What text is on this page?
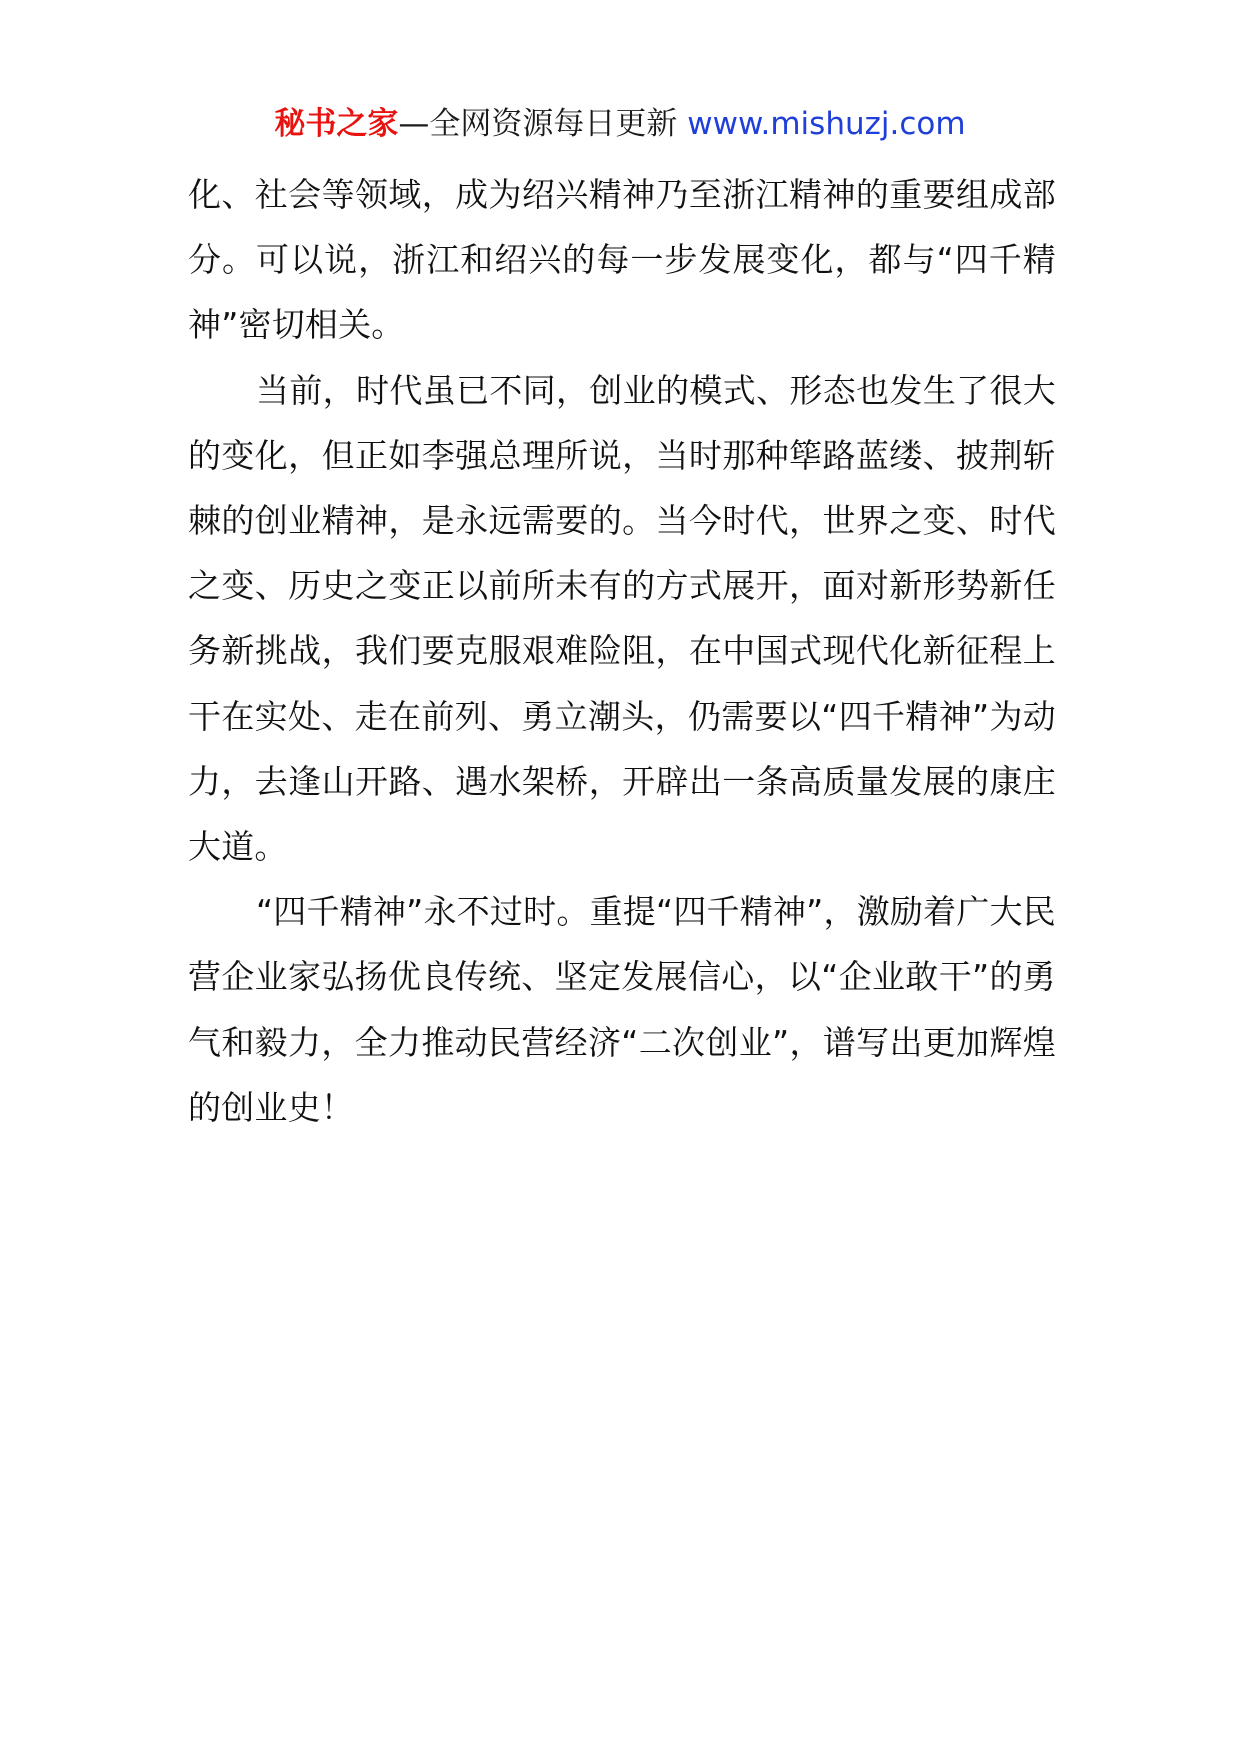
秘书之家—全网资源每日更新 www.mishuzj.com

化、社会等领域，成为绍兴精神乃至浙江精神的重要组成部分。可以说，浙江和绍兴的每一步发展变化，都与“四千精神”密切相关。

当前，时代虽已不同，创业的模式、形态也发生了很大的变化，但正如李强总理所说，当时那种筚路蓝缕、披荆斩棘的创业精神，是永远需要的。当今时代，世界之变、时代之变、历史之变正以前所未有的方式展开，面对新形势新任务新挑战，我们要克服艰难险阻，在中国式现代化新征程上干在实处、走在前列、勇立潮头，仍需要以“四千精神”为动力，去逢山开路、遇水架桥，开辟出一条高质量发展的康庄大道。

“四千精神”永不过时。重提“四千精神”，激励着广大民营企业家弘扬优良传统、坚定发展信心，以“企业敢干”的勇气和毅力，全力推动民营经济“二次创业”，谱写出更加辉煌的创业史！
